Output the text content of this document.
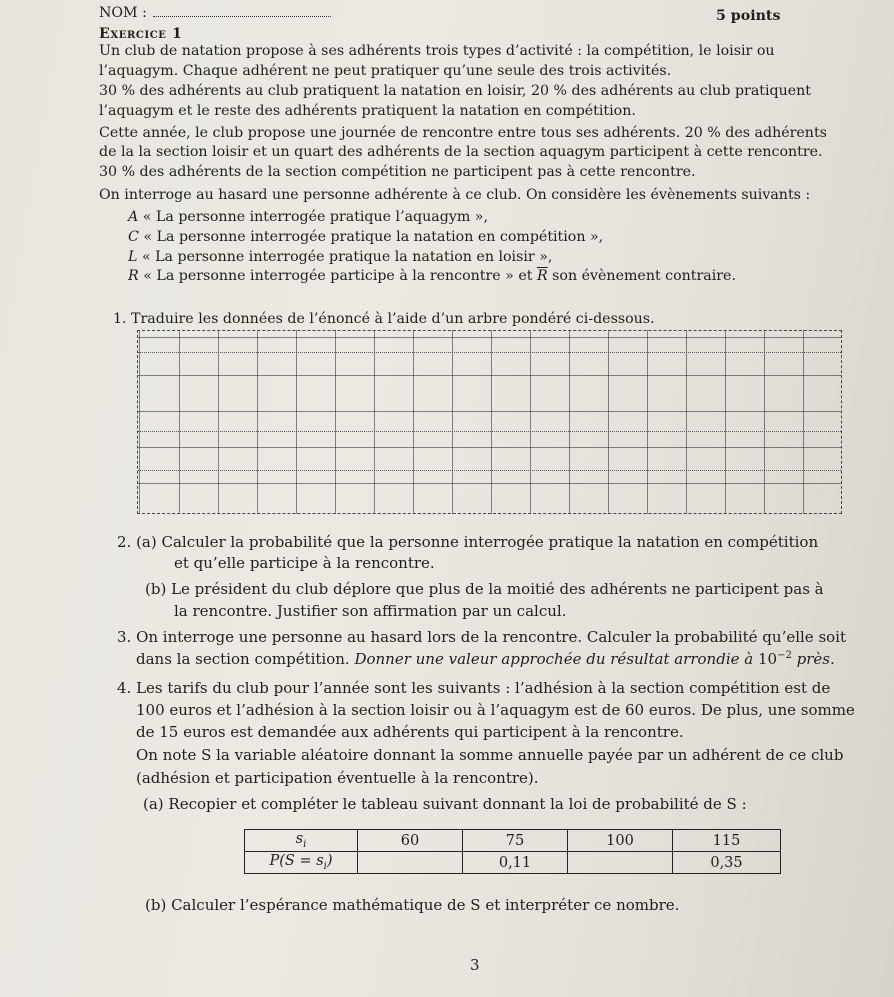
NOM :	5 points
Exercice 1
Un club de natation propose à ses adhérents trois types d’activité : la compétition, le loisir ou
l’aquagym. Chaque adhérent ne peut pratiquer qu’une seule des trois activités.
30 % des adhérents au club pratiquent la natation en loisir, 20 % des adhérents au club pratiquent
l’aquagym et le reste des adhérents pratiquent la natation en compétition.
Cette année, le club propose une journée de rencontre entre tous ses adhérents. 20 % des adhérents
de la la section loisir et un quart des adhérents de la section aquagym participent à cette rencontre.
30 % des adhérents de la section compétition ne participent pas à cette rencontre.
On interroge au hasard une personne adhérente à ce club. On considère les évènements suivants :
A « La personne interrogée pratique l’aquagym »,
C « La personne interrogée pratique la natation en compétition »,
L « La personne interrogée pratique la natation en loisir »,
R « La personne interrogée participe à la rencontre » et $\overline{R}$ son évènement contraire.
1. Traduire les données de l’énoncé à l’aide d’un arbre pondéré ci-dessous.
2. (a) Calculer la probabilité que la personne interrogée pratique la natation en compétition
et qu’elle participe à la rencontre.
(b) Le président du club déplore que plus de la moitié des adhérents ne participent pas à
la rencontre. Justifier son affirmation par un calcul.
3. On interroge une personne au hasard lors de la rencontre. Calculer la probabilité qu’elle soit
dans la section compétition. Donner une valeur approchée du résultat arrondie à $10^{-2}$ près.
4. Les tarifs du club pour l’année sont les suivants : l’adhésion à la section compétition est de
100 euros et l’adhésion à la section loisir ou à l’aquagym est de 60 euros. De plus, une somme
de 15 euros est demandée aux adhérents qui participent à la rencontre.
On note S la variable aléatoire donnant la somme annuelle payée par un adhérent de ce club
(adhésion et participation éventuelle à la rencontre).
(a) Recopier et compléter le tableau suivant donnant la loi de probabilité de S :
$s_i$	60	75	100	115
$P(S = s_i)$		0,11		0,35
(b) Calculer l’espérance mathématique de S et interpréter ce nombre.
3
